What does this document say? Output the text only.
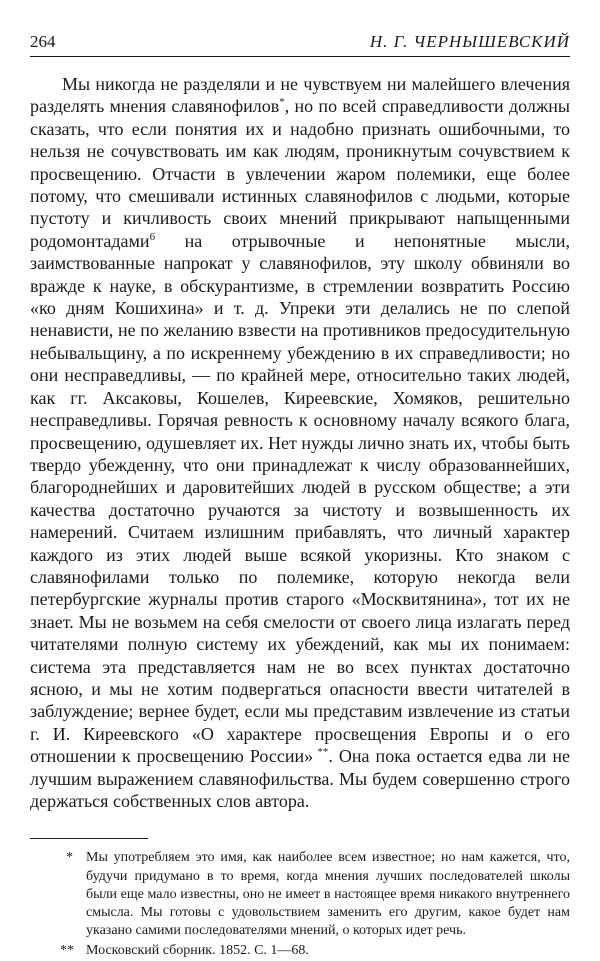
264	Н. Г. ЧЕРНЫШЕВСКИЙ

Мы никогда не разделяли и не чувствуем ни малейшего влечения разделять мнения славянофилов*, но по всей справедливости должны сказать, что если понятия их и надобно признать ошибочными, то нельзя не сочувствовать им как людям, проникнутым сочувствием к просвещению. Отчасти в увлечении жаром полемики, еще более потому, что смешивали истинных славянофилов с людьми, которые пустоту и кичливость своих мнений прикрывают напыщенными родомонтадами$^6$ на отрывочные и непонятные мысли, заимствованные напрокат у славянофилов, эту школу обвиняли во вражде к науке, в обскурантизме, в стремлении возвратить Россию «ко дням Кошихина» и т. д. Упреки эти делались не по слепой ненависти, не по желанию взвести на противников предосудительную небывальщину, а по искреннему убеждению в их справедливости; но они несправедливы, — по крайней мере, относительно таких людей, как гг. Аксаковы, Кошелев, Киреевские, Хомяков, решительно несправедливы. Горячая ревность к основному началу всякого блага, просвещению, одушевляет их. Нет нужды лично знать их, чтобы быть твердо убежденну, что они принадлежат к числу образованнейших, благороднейших и даровитейших людей в русском обществе; а эти качества достаточно ручаются за чистоту и возвышенность их намерений. Считаем излишним прибавлять, что личный характер каждого из этих людей выше всякой укоризны. Кто знаком с славянофилами только по полемике, которую некогда вели петербургские журналы против старого «Москвитянина», тот их не знает. Мы не возьмем на себя смелости от своего лица излагать перед читателями полную систему их убеждений, как мы их понимаем: система эта представляется нам не во всех пунктах достаточно ясною, и мы не хотим подвергаться опасности ввести читателей в заблуждение; вернее будет, если мы представим извлечение из статьи г. И. Киреевского «О характере просвещения Европы и о его отношении к просвещению России» **. Она пока остается едва ли не лучшим выражением славянофильства. Мы будем совершенно строго держаться собственных слов автора.

* Мы употребляем это имя, как наиболее всем известное; но нам кажется, что, будучи придумано в то время, когда мнения лучших последователей школы были еще мало известны, оно не имеет в настоящее время никакого внутреннего смысла. Мы готовы с удовольствием заменить его другим, какое будет нам указано самими последователями мнений, о которых идет речь.
** Московский сборник. 1852. С. 1—68.
